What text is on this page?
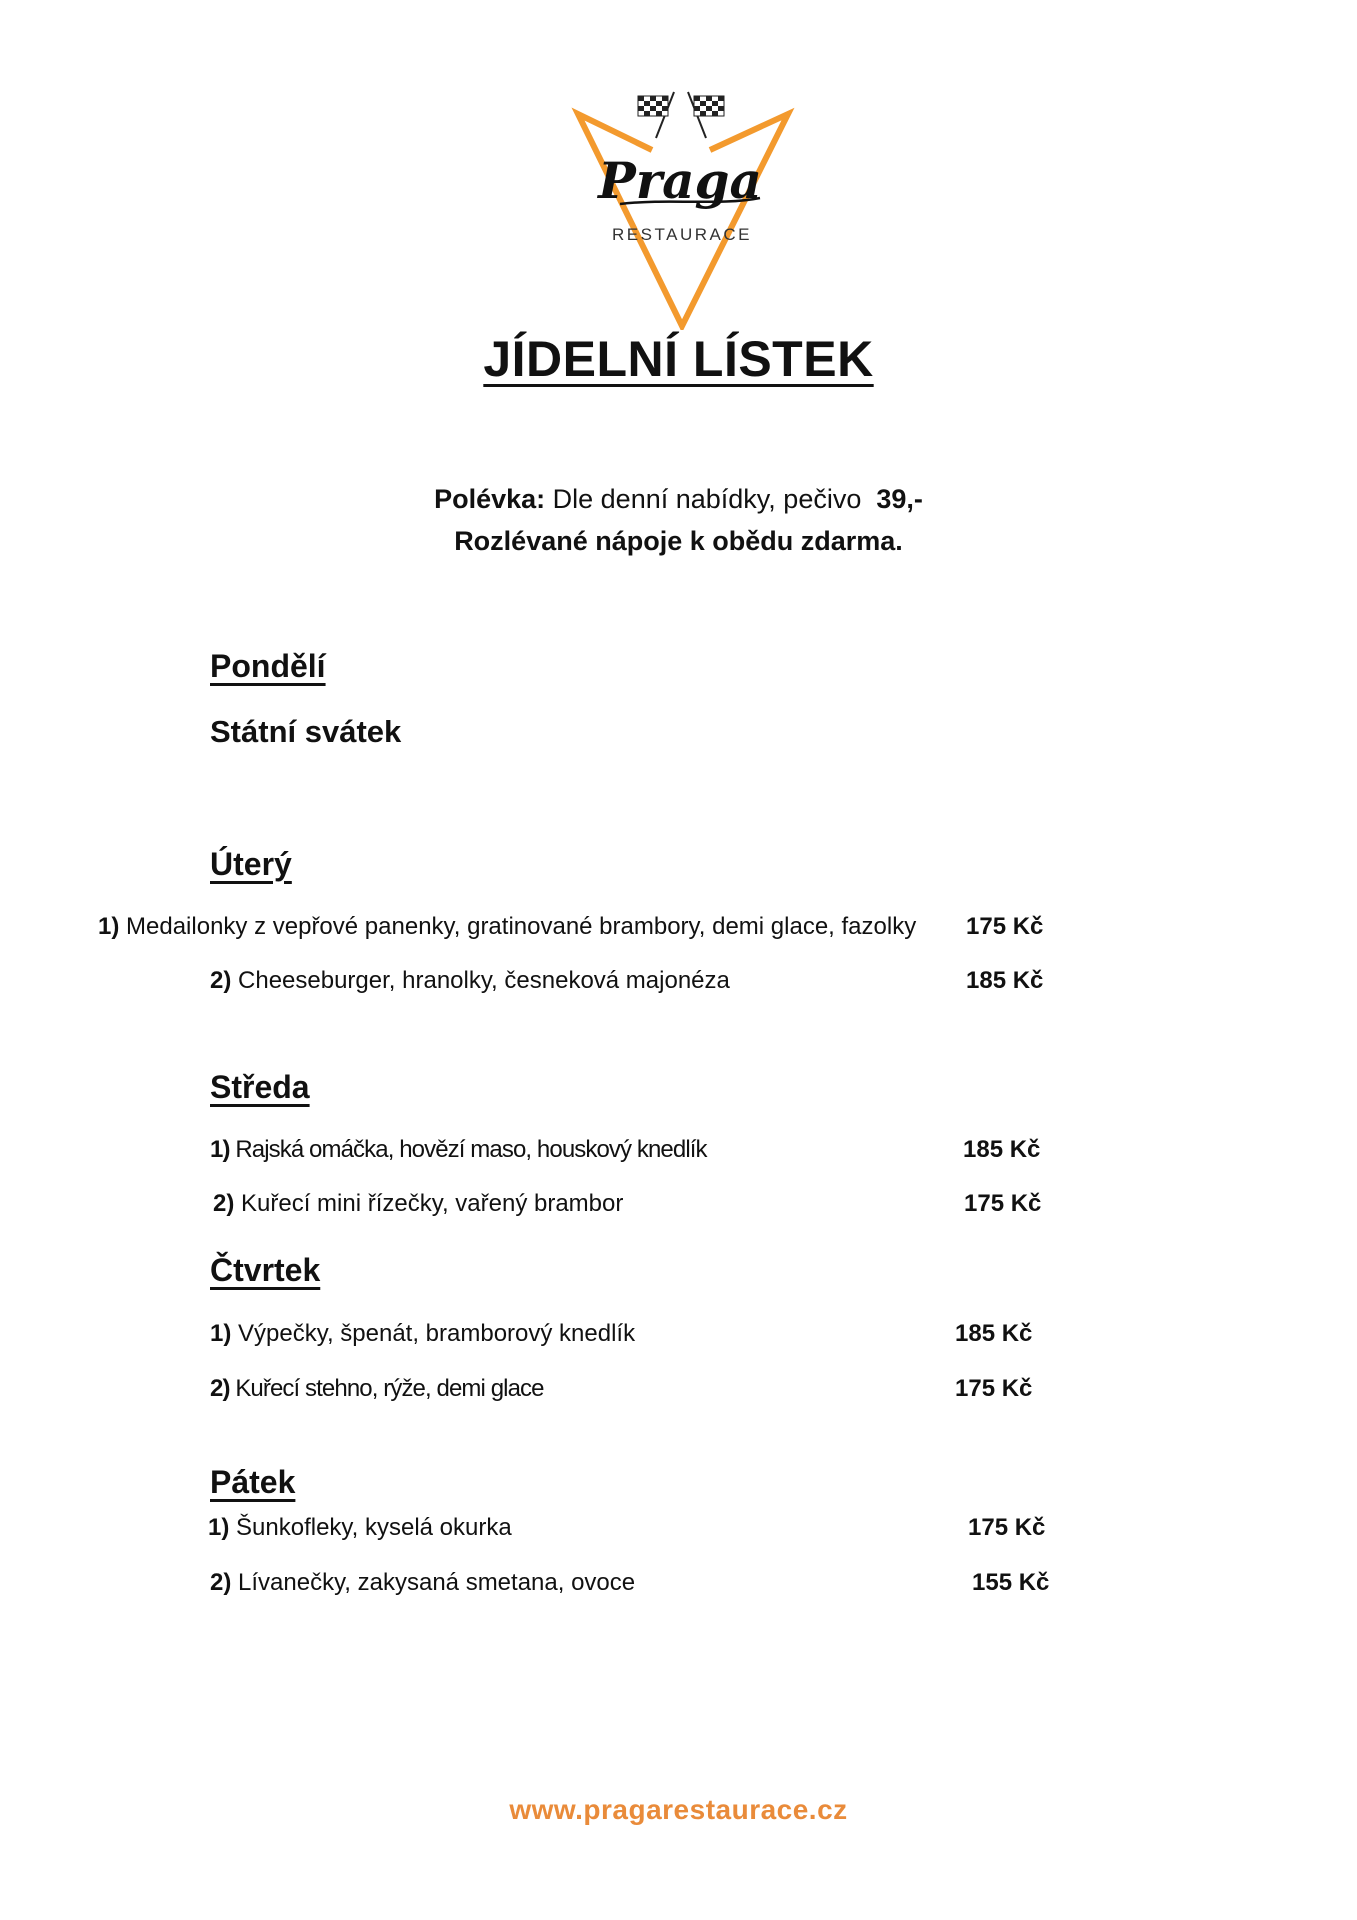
Praga
RESTAURACE
JÍDELNÍ LÍSTEK
Polévka: Dle denní nabídky, pečivo 39,-
Rozlévané nápoje k obědu zdarma.
Pondělí
Státní svátek
Úterý
1) Medailonky z vepřové panenky, gratinované brambory, demi glace, fazolky 175 Kč
2) Cheeseburger, hranolky, česneková majonéza	185 Kč
Středa
1) Rajská omáčka, hovězí maso, houskový knedlík	185 Kč
2) Kuřecí mini řízečky, vařený brambor	175 Kč
Čtvrtek
1) Výpečky, špenát, bramborový knedlík	185 Kč
2) Kuřecí stehno, rýže, demi glace	175 Kč
Pátek
1) Šunkofleky, kyselá okurka	175 Kč
2) Lívanečky, zakysaná smetana, ovoce	155 Kč
www.pragarestaurace.cz
